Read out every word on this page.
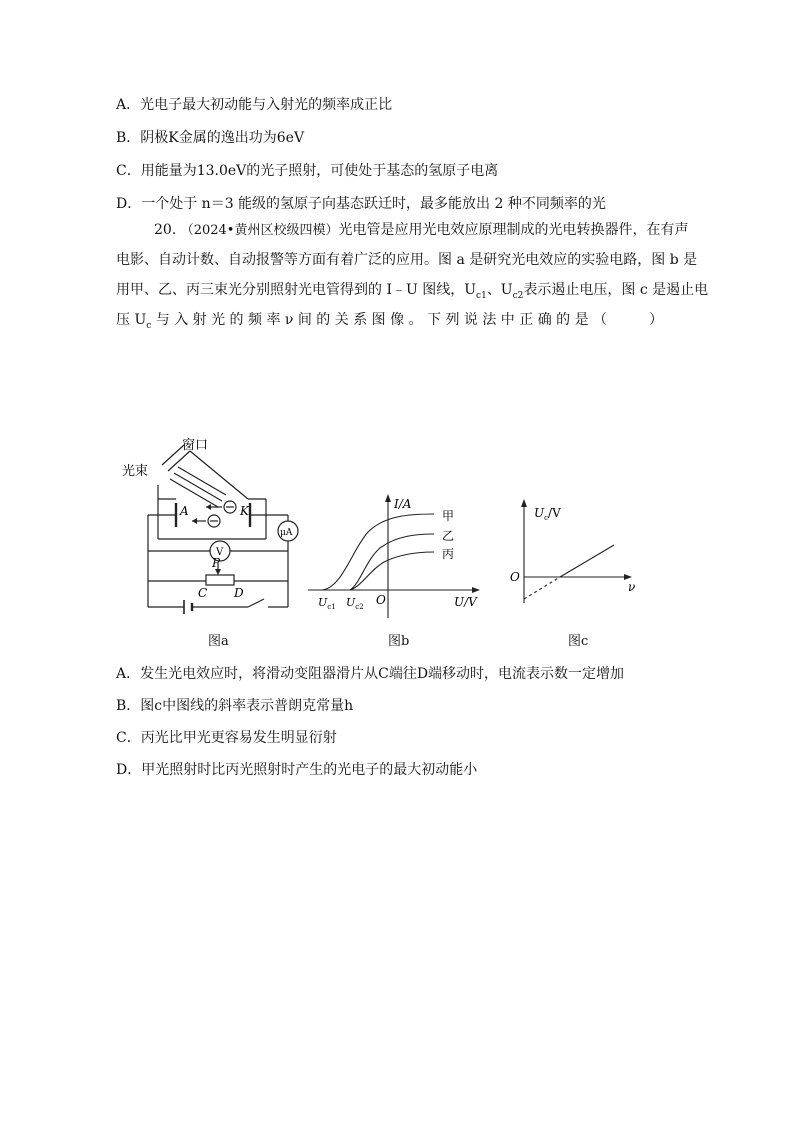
A．光电子最大初动能与入射光的频率成正比
B．阴极K金属的逸出功为6eV
C．用能量为13.0eV的光子照射，可使处于基态的氢原子电离
D．一个处于 n＝3 能级的氢原子向基态跃迁时，最多能放出 2 种不同频率的光
20. （2024•黄州区校级四模）光电管是应用光电效应原理制成的光电转换器件，在有声
电影、自动计数、自动报警等方面有着广泛的应用。图 a 是研究光电效应的实验电路，图 b 是
用甲、乙、丙三束光分别照射光电管得到的 I﹣U 图线，$U_{c1}$、$U_{c2}$表示遏止电压，图 c 是遏止电
压 $U_c$ 与 入 射 光 的 频 率 ν 间 的 关 系 图 像 。 下 列 说 法 中 正 确 的 是 （　　　）
窗口
光束
A	K
μA
V
P
C D
图a
I/A
U/V
O
$U_{c1}$ $U_{c2}$
甲
乙
丙
图b
$U_c/V$
ν
O
图c
A．发生光电效应时，将滑动变阻器滑片从C端往D端移动时，电流表示数一定增加
B．图c中图线的斜率表示普朗克常量h
C．丙光比甲光更容易发生明显衍射
D．甲光照射时比丙光照射时产生的光电子的最大初动能小
